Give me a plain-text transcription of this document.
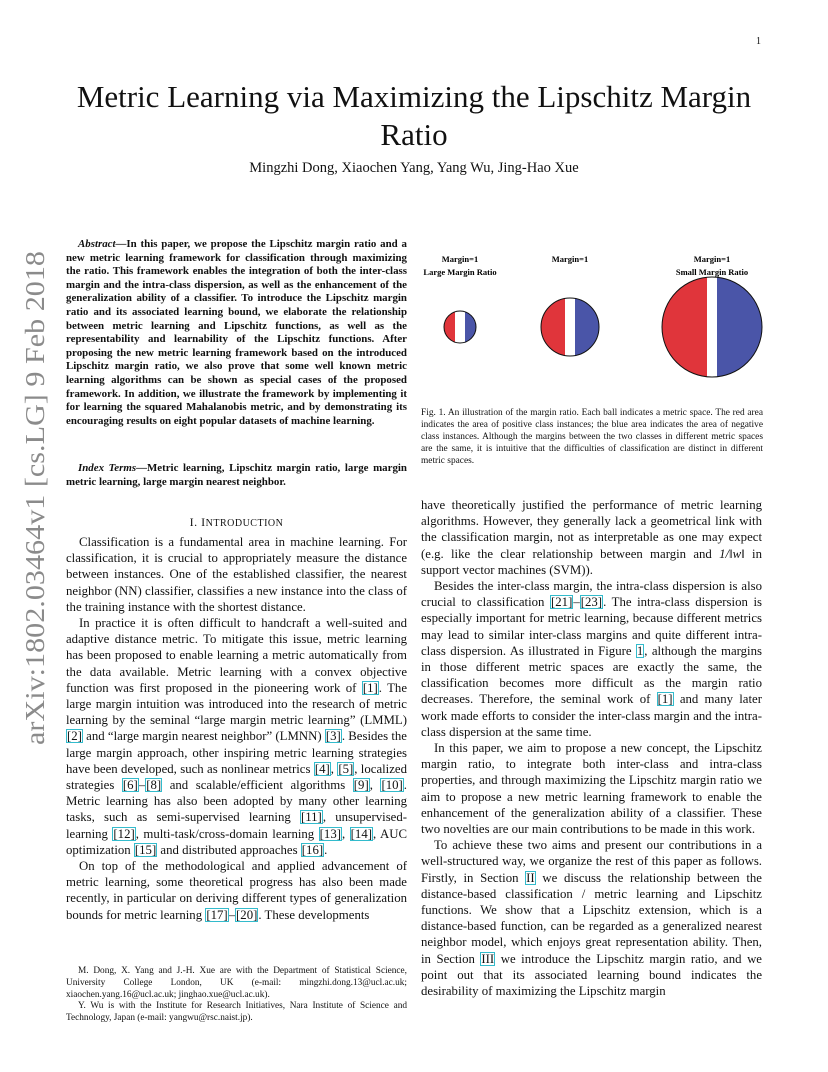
1
arXiv:1802.03464v1 [cs.LG] 9 Feb 2018
Metric Learning via Maximizing the Lipschitz Margin Ratio
Mingzhi Dong, Xiaochen Yang, Yang Wu, Jing-Hao Xue

Abstract—In this paper, we propose the Lipschitz margin ratio and a new metric learning framework for classification through maximizing the ratio. This framework enables the integration of both the inter-class margin and the intra-class dispersion, as well as the enhancement of the generalization ability of a classifier. To introduce the Lipschitz margin ratio and its associated learning bound, we elaborate the relationship between metric learning and Lipschitz functions, as well as the representability and learnability of the Lipschitz functions. After proposing the new metric learning framework based on the introduced Lipschitz margin ratio, we also prove that some well known metric learning algorithms can be shown as special cases of the proposed framework. In addition, we illustrate the framework by implementing it for learning the squared Mahalanobis metric, and by demonstrating its encouraging results on eight popular datasets of machine learning.

Index Terms—Metric learning, Lipschitz margin ratio, large margin metric learning, large margin nearest neighbor.

I. INTRODUCTION

Classification is a fundamental area in machine learning. For classification, it is crucial to appropriately measure the distance between instances. One of the established classifier, the nearest neighbor (NN) classifier, classifies a new instance into the class of the training instance with the shortest distance.

In practice it is often difficult to handcraft a well-suited and adaptive distance metric. To mitigate this issue, metric learning has been proposed to enable learning a metric automatically from the data available. Metric learning with a convex objective function was first proposed in the pioneering work of [1]. The large margin intuition was introduced into the research of metric learning by the seminal “large margin metric learning” (LMML) [2] and “large margin nearest neighbor” (LMNN) [3]. Besides the large margin approach, other inspiring metric learning strategies have been developed, such as nonlinear metrics [4], [5], localized strategies [6]–[8] and scalable/efficient algorithms [9], [10]. Metric learning has also been adopted by many other learning tasks, such as semi-supervised learning [11], unsupervised-learning [12], multi-task/cross-domain learning [13], [14], AUC optimization [15] and distributed approaches [16].

On top of the methodological and applied advancement of metric learning, some theoretical progress has also been made recently, in particular on deriving different types of generalization bounds for metric learning [17]–[20]. These developments

M. Dong, X. Yang and J.-H. Xue are with the Department of Statistical Science, University College London, UK (e-mail: mingzhi.dong.13@ucl.ac.uk; xiaochen.yang.16@ucl.ac.uk; jinghao.xue@ucl.ac.uk).

Y. Wu is with the Institute for Research Initiatives, Nara Institute of Science and Technology, Japan (e-mail: yangwu@rsc.naist.jp).

Margin=1
Large Margin Ratio
Margin=1	Margin=1
Small Margin Ratio

Fig. 1. An illustration of the margin ratio. Each ball indicates a metric space. The red area indicates the area of positive class instances; the blue area indicates the area of negative class instances. Although the margins between the two classes in different metric spaces are the same, it is intuitive that the difficulties of classification are distinct in different metric spaces.

have theoretically justified the performance of metric learning algorithms. However, they generally lack a geometrical link with the classification margin, not as interpretable as one may expect (e.g. like the clear relationship between margin and 1/‖w‖ in support vector machines (SVM)).

Besides the inter-class margin, the intra-class dispersion is also crucial to classification [21]–[23]. The intra-class dispersion is especially important for metric learning, because different metrics may lead to similar inter-class margins and quite different intra-class dispersion. As illustrated in Figure 1, although the margins in those different metric spaces are exactly the same, the classification becomes more difficult as the margin ratio decreases. Therefore, the seminal work of [1] and many later work made efforts to consider the inter-class margin and the intra-class dispersion at the same time.

In this paper, we aim to propose a new concept, the Lipschitz margin ratio, to integrate both inter-class and intra-class properties, and through maximizing the Lipschitz margin ratio we aim to propose a new metric learning framework to enable the enhancement of the generalization ability of a classifier. These two novelties are our main contributions to be made in this work.

To achieve these two aims and present our contributions in a well-structured way, we organize the rest of this paper as follows. Firstly, in Section II we discuss the relationship between the distance-based classification / metric learning and Lipschitz functions. We show that a Lipschitz extension, which is a distance-based function, can be regarded as a generalized nearest neighbor model, which enjoys great representation ability. Then, in Section III we introduce the Lipschitz margin ratio, and we point out that its associated learning bound indicates the desirability of maximizing the Lipschitz margin
